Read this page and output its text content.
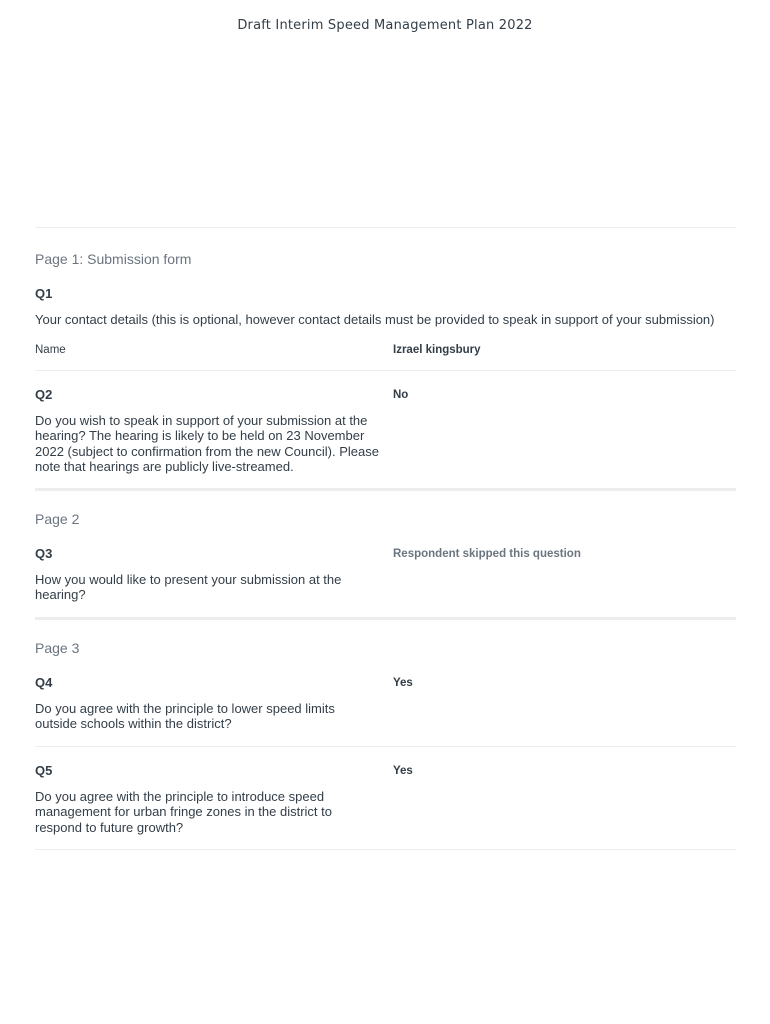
Draft Interim Speed Management Plan 2022
Page 1: Submission form
Q1
Your contact details (this is optional, however contact details must be provided to speak in support of your submission)
Name	Izrael kingsbury
Q2
Do you wish to speak in support of your submission at the hearing? The hearing is likely to be held on 23 November 2022 (subject to confirmation from the new Council). Please note that hearings are publicly live-streamed.
No
Page 2
Q3
How you would like to present your submission at the hearing?
Respondent skipped this question
Page 3
Q4
Do you agree with the principle to lower speed limits outside schools within the district?
Yes
Q5
Do you agree with the principle to introduce speed management for urban fringe zones in the district to respond to future growth?
Yes
